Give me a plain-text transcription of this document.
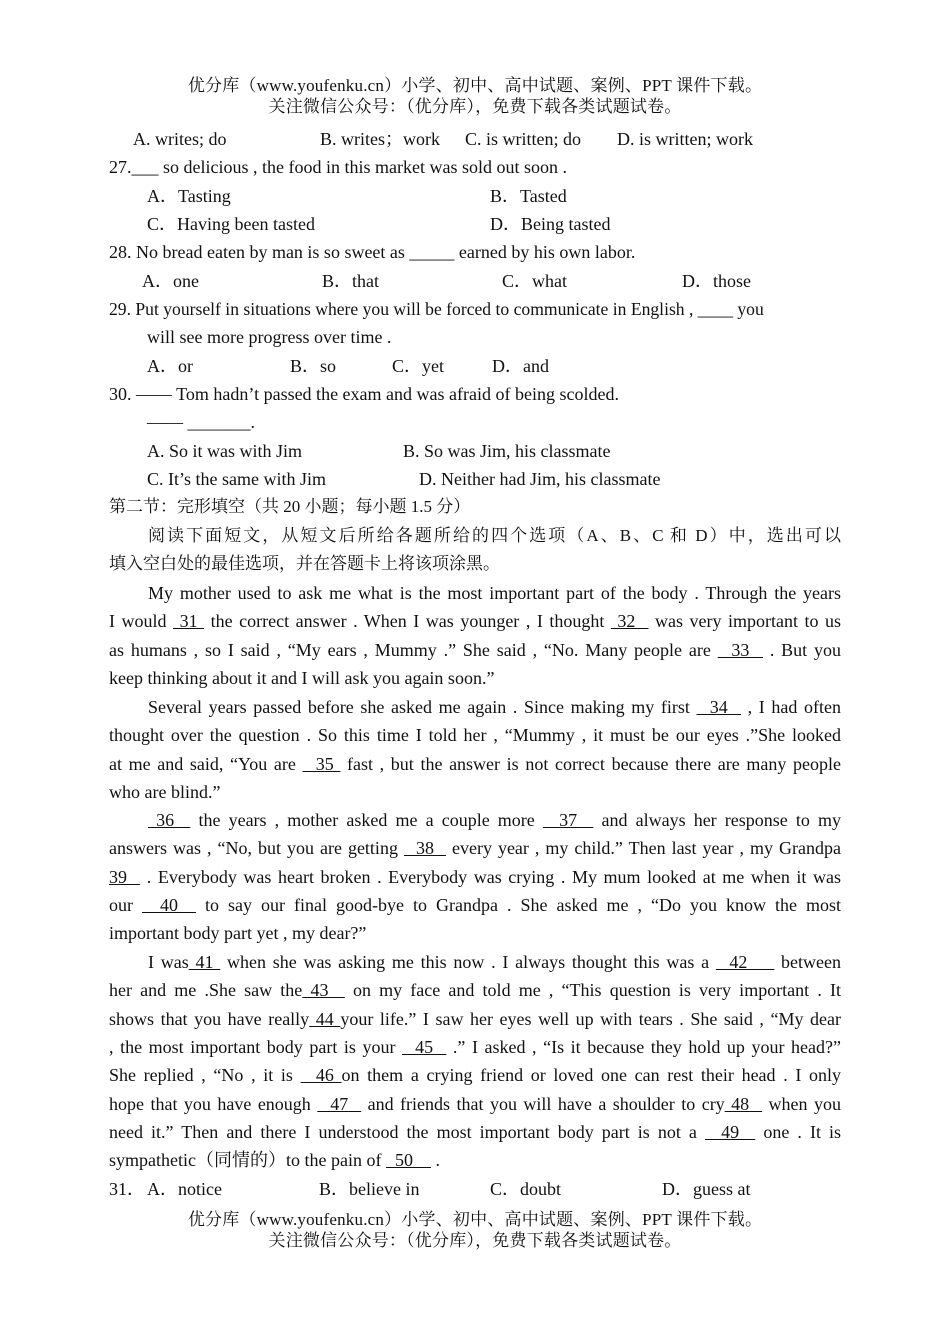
优分库（www.youfenku.cn）小学、初中、高中试题、案例、PPT 课件下载。
关注微信公众号：（优分库），免费下载各类试题试卷。
A. writes; do	B. writes；work C. is written; do D. is written; work
27.___ so delicious , the food in this market was sold out soon .
A．Tasting	B．Tasted
C．Having been tasted	D．Being tasted
28. No bread eaten by man is so sweet as _____ earned by his own labor.
A．one	B．that	C．what	D．those
29. Put yourself in situations where you will be forced to communicate in English , ____ you
will see more progress over time .
A．or	B．so	C．yet	D．and
30. —— Tom hadn’t passed the exam and was afraid of being scolded.
—— _______.
A. So it was with Jim	B. So was Jim, his classmate
C. It’s the same with Jim	D. Neither had Jim, his classmate
第二节：完形填空（共 20 小题；每小题 1.5 分）
阅读下面短文，从短文后所给各题所给的四个选项（A、B、C 和 D）中，选出可以
填入空白处的最佳选项，并在答题卡上将该项涂黑。
My mother used to ask me what is the most important part of the body . Through the years
I would  31  the correct answer . When I was younger , I thought  32   was very important to us
as humans , so I said , “My ears , Mummy .” She said , “No. Many people are   33   . But you
keep thinking about it and I will ask you again soon.”
Several years passed before she asked me again . Since making my first   34   , I had often
thought over the question . So this time I told her , “Mummy , it must be our eyes .”She looked
at me and said, “You are   35  fast , but the answer is not correct because there are many people
who are blind.”
36   the years , mother asked me a couple more   37   and always her response to my
answers was , “No, but you are getting   38   every year , my child.” Then last year , my Grandpa
39   . Everybody was heart broken . Everybody was crying . My mum looked at me when it was
our   40   to say our final good-bye to Grandpa . She asked me , “Do you know the most
important body part yet , my dear?”
I was 41  when she was asking me this now . I always thought this was a   42     between
her and me .She saw the 43   on my face and told me , “This question is very important . It
shows that you have really 44 your life.” I saw her eyes well up with tears . She said , “My dear
, the most important body part is your   45   .” I asked , “Is it because they hold up your head?”
She replied , “No , it is   46 on them a crying friend or loved one can rest their head . I only
hope that you have enough   47   and friends that you will have a shoulder to cry 48   when you
need it.” Then and there I understood the most important body part is not a   49   one . It is
sympathetic（同情的）to the pain of   50     .
31． A．notice	B．believe in	C．doubt	D．guess at
优分库（www.youfenku.cn）小学、初中、高中试题、案例、PPT 课件下载。
关注微信公众号：（优分库），免费下载各类试题试卷。
